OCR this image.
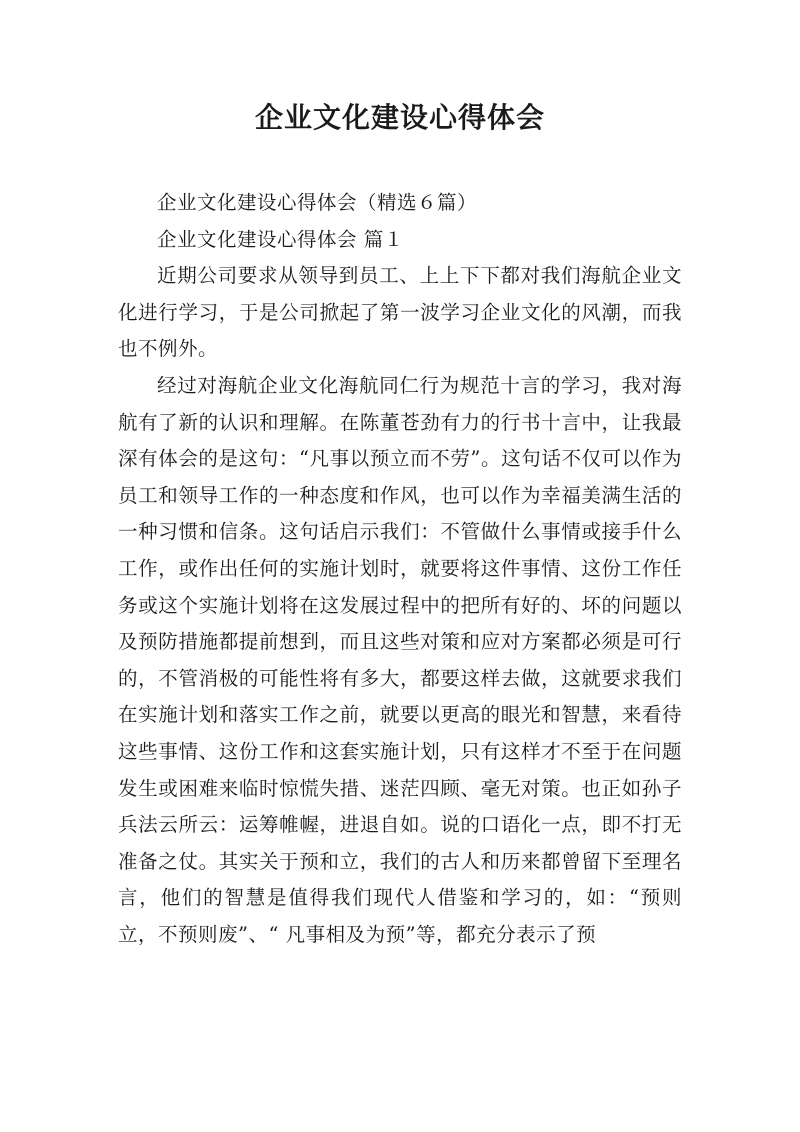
企业文化建设心得体会

企业文化建设心得体会（精选６篇）

企业文化建设心得体会 篇１

近期公司要求从领导到员工、上上下下都对我们海航企业文化进行学习，于是公司掀起了第一波学习企业文化的风潮，而我也不例外。

经过对海航企业文化海航同仁行为规范十言的学习，我对海航有了新的认识和理解。在陈董苍劲有力的行书十言中，让我最深有体会的是这句：“凡事以预立而不劳”。这句话不仅可以作为员工和领导工作的一种态度和作风，也可以作为幸福美满生活的一种习惯和信条。这句话启示我们：不管做什么事情或接手什么工作，或作出任何的实施计划时，就要将这件事情、这份工作任务或这个实施计划将在这发展过程中的把所有好的、坏的问题以及预防措施都提前想到，而且这些对策和应对方案都必须是可行的，不管消极的可能性将有多大，都要这样去做，这就要求我们在实施计划和落实工作之前，就要以更高的眼光和智慧，来看待这些事情、这份工作和这套实施计划，只有这样才不至于在问题发生或困难来临时惊慌失措、迷茫四顾、毫无对策。也正如孙子兵法云所云：运筹帷幄，进退自如。说的口语化一点，即不打无准备之仗。其实关于预和立，我们的古人和历来都曾留下至理名言，他们的智慧是值得我们现代人借鉴和学习的，如：“预则立，不预则废”、“ 凡事相及为预”等，都充分表示了预
